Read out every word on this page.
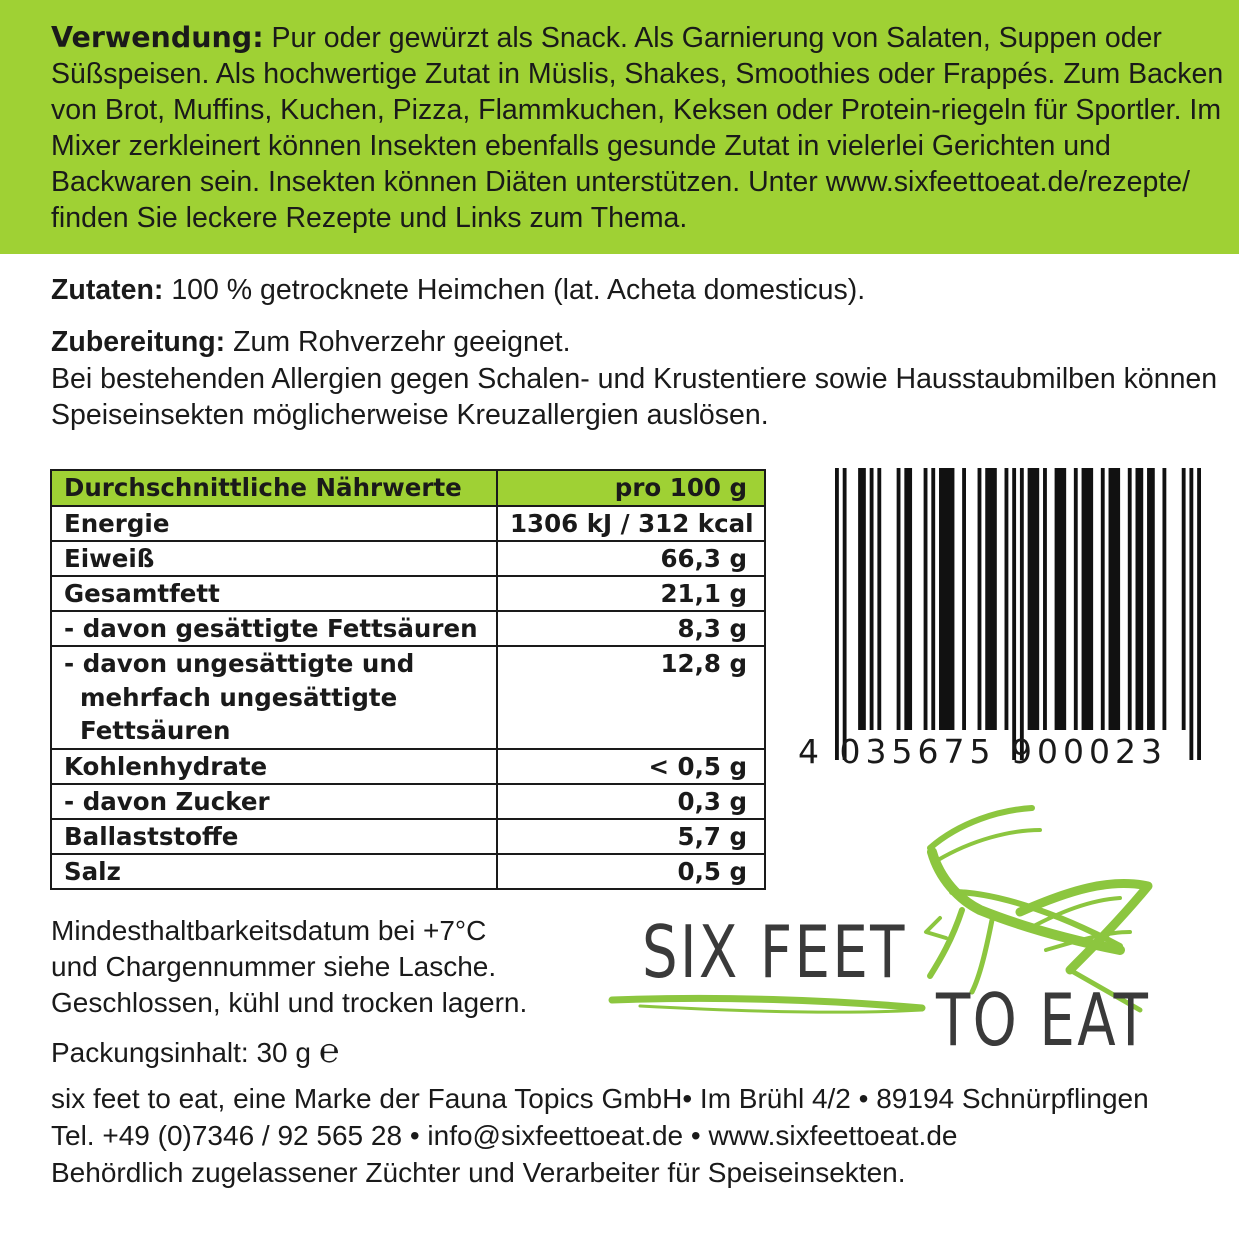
Verwendung: Pur oder gewürzt als Snack. Als Garnierung von Salaten, Suppen oder Süßspeisen. Als hochwertige Zutat in Müslis, Shakes, Smoothies oder Frappés. Zum Backen von Brot, Muffins, Kuchen, Pizza, Flammkuchen, Keksen oder Protein-riegeln für Sportler. Im Mixer zerkleinert können Insekten ebenfalls gesunde Zutat in vielerlei Gerichten und Backwaren sein. Insekten können Diäten unterstützen. Unter www.sixfeettoeat.de/rezepte/ finden Sie leckere Rezepte und Links zum Thema.

Zutaten: 100 % getrocknete Heimchen (lat. Acheta domesticus).

Zubereitung: Zum Rohverzehr geeignet.
Bei bestehenden Allergien gegen Schalen- und Krustentiere sowie Hausstaubmilben können Speiseinsekten möglicherweise Kreuzallergien auslösen.

Durchschnittliche Nährwerte	pro 100 g
Energie	1306 kJ / 312 kcal
Eiweiß	66,3 g
Gesamtfett	21,1 g
- davon gesättigte Fettsäuren	8,3 g
- davon ungesättigte und
mehrfach ungesättigte
Fettsäuren	12,8 g
Kohlenhydrate	< 0,5 g
- davon Zucker	0,3 g
Ballaststoffe	5,7 g
Salz	0,5 g
4 035675 900023

Mindesthaltbarkeitsdatum bei +7°C
und Chargennummer siehe Lasche.
Geschlossen, kühl und trocken lagern.

Packungsinhalt: 30 g ℮

six feet to eat, eine Marke der Fauna Topics GmbH• Im Brühl 4/2 • 89194 Schnürpflingen
Tel. +49 (0)7346 / 92 565 28 • info@sixfeettoeat.de • www.sixfeettoeat.de
Behördlich zugelassener Züchter und Verarbeiter für Speiseinsekten.

SIX FEET
TO EAT
